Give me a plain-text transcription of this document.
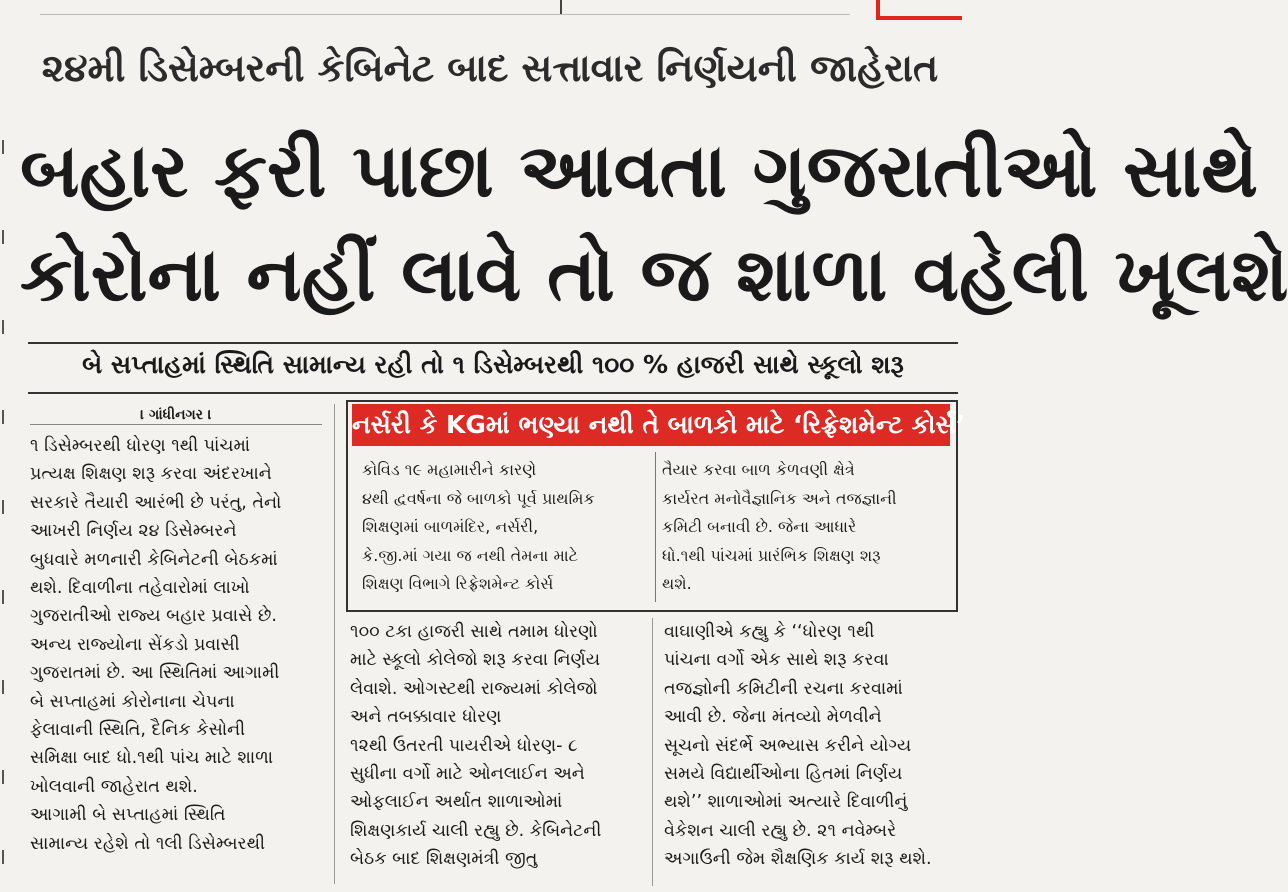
૨૪મી ડિસેમ્બરની કેબિનેટ બાદ સત્તાવાર નિર્ણયની જાહેરાત
બહાર ફરી પાછા આવતા ગુજરાતીઓ સાથે
કોરોના નહીં લાવે તો જ શાળા વહેલી ખૂલશે
બે સપ્તાહમાં સ્થિતિ સામાન્ય રહી તો ૧ ડિસેમ્બરથી ૧૦૦ % હાજરી સાથે સ્કૂલો શરૂ
। ગાંધીનગર ।
૧ ડિસેમ્બરથી ધોરણ ૧થી પાંચમાં
પ્રત્યક્ષ શિક્ષણ શરૂ કરવા અંદરખાને
સરકારે તૈયારી આરંભી છે પરંતુ, તેનો
આખરી નિર્ણય ૨૪ ડિસેમ્બરને
બુધવારે મળનારી કેબિનેટની બેઠકમાં
થશે. દિવાળીના તહેવારોમાં લાખો
ગુજરાતીઓ રાજ્ય બહાર પ્રવાસે છે.
અન્ય રાજ્યોના સેંકડો પ્રવાસી
ગુજરાતમાં છે. આ સ્થિતિમાં આગામી
બે સપ્તાહમાં કોરોનાના ચેપના
ફેલાવાની સ્થિતિ, દૈનિક કેસોની
સમિક્ષા બાદ ધો.૧થી પાંચ માટે શાળા
ખોલવાની જાહેરાત થશે.
આગામી બે સપ્તાહમાં સ્થિતિ
સામાન્ય રહેશે તો ૧લી ડિસેમ્બરથી
નર્સરી કે KGમાં ભણ્યા નથી તે બાળકો માટે ‘રિફ્રેશમેન્ટ કોર્સ’
કોવિડ ૧૯ મહામારીને કારણે
૪થી દ્વવર્ષના જે બાળકો પૂર્વ પ્રાથમિક
શિક્ષણમાં બાળમંદિર, નર્સરી,
કે.જી.માં ગયા જ નથી તેમના માટે
શિક્ષણ વિભાગે રિફ્રેશમેન્ટ કોર્સ
તૈયાર કરવા બાળ કેળવણી ક્ષેત્રે
કાર્યરત મનોવૈજ્ઞાનિક અને તજજ્ઞાની
કમિટી બનાવી છે. જેના આધારે
ધો.૧થી પાંચમાં પ્રારંભિક શિક્ષણ શરૂ
થશે.
૧૦૦ ટકા હાજરી સાથે તમામ ધોરણો
માટે સ્કૂલો કોલેજો શરૂ કરવા નિર્ણય
લેવાશે. ઓગસ્ટથી રાજ્યમાં કોલેજો
અને તબક્કાવાર ધોરણ
૧૨થી ઉતરતી પાયરીએ ધોરણ- ૮
સુધીના વર્ગો માટે ઓનલાઈન અને
ઓફલાઈન અર્થાત શાળાઓમાં
શિક્ષણકાર્ય ચાલી રહ્યુ છે. કેબિનેટની
બેઠક બાદ શિક્ષણમંત્રી જીતુ
વાઘાણીએ કહ્યુ કે ‘‘ધોરણ ૧થી
પાંચના વર્ગો એક સાથે શરૂ કરવા
તજજ્ઞોની કમિટીની રચના કરવામાં
આવી છે. જેના મંતવ્યો મેળવીને
સૂચનો સંદર્ભે અભ્યાસ કરીને યોગ્ય
સમયે વિદ્યાર્થીઓના હિતમાં નિર્ણય
થશે’’ શાળાઓમાં અત્યારે દિવાળીનું
વેકેશન ચાલી રહ્યુ છે. ૨૧ નવેમ્બરે
અગાઉની જેમ શૈક્ષણિક કાર્ય શરૂ થશે.
